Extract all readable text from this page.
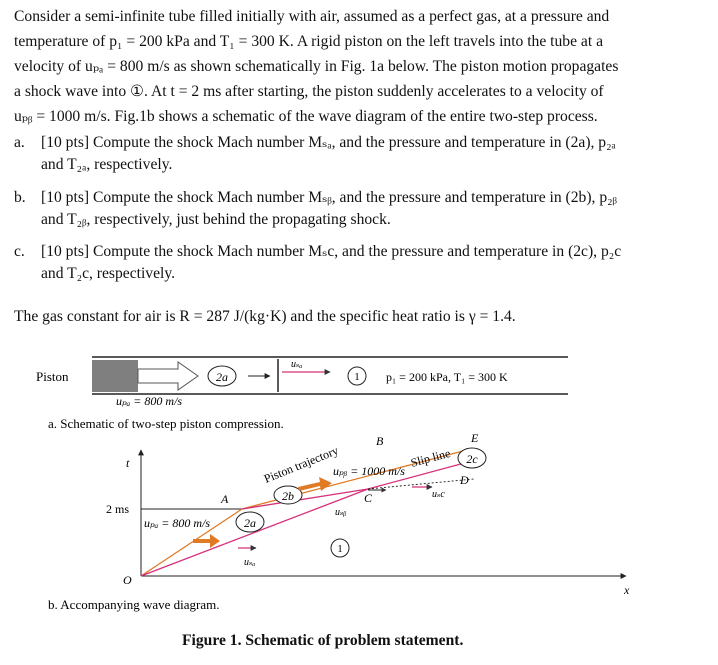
Consider a semi-infinite tube filled initially with air, assumed as a perfect gas, at a pressure and
temperature of p₁ = 200 kPa and T₁ = 300 K. A rigid piston on the left travels into the tube at a
velocity of uₚₐ = 800 m/s as shown schematically in Fig. 1a below. The piston motion propagates
a shock wave into ①. At t = 2 ms after starting, the piston suddenly accelerates to a velocity of
uₚᵦ = 1000 m/s. Fig.1b shows a schematic of the wave diagram of the entire two-step process.
a.	[10 pts] Compute the shock Mach number Mₛₐ, and the pressure and temperature in (2a), p₂ₐ
and T₂ₐ, respectively.
b. [10 pts] Compute the shock Mach number Mₛᵦ, and the pressure and temperature in (2b), p₂ᵦ
and T₂ᵦ, respectively, just behind the propagating shock.
c.	[10 pts] Compute the shock Mach number Mₛc, and the pressure and temperature in (2c), p₂c
and T₂c, respectively.
The gas constant for air is R = 287 J/(kg·K) and the specific heat ratio is γ = 1.4.
Piston	2a
uₛₐ
1 p₁ = 200 kPa, T₁ = 300 K
uₚₐ = 800 m/s
a. Schematic of two-step piston compression.
t
x
O
2 ms
A
B
C
D
E
uₚₐ = 800 m/s	2a
uₛₐ
Piston trajectory
2b
uₚᵦ = 1000 m/s
uₛᵦ
1
Slip line 2c
uₛc
b. Accompanying wave diagram.
Figure 1. Schematic of problem statement.
